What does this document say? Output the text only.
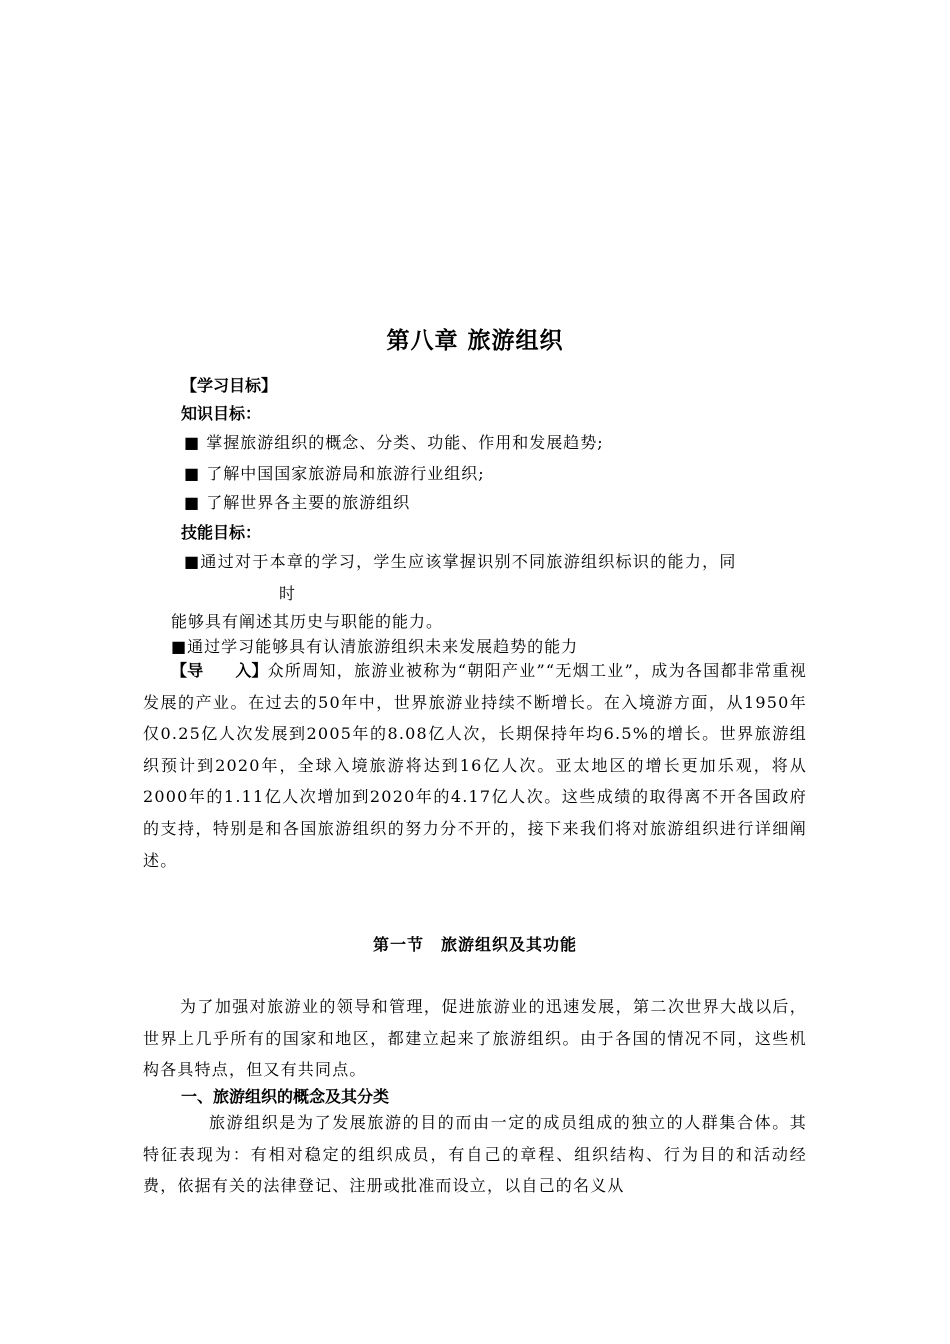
第八章 旅游组织
【学习目标】
知识目标：
■ 掌握旅游组织的概念、分类、功能、作用和发展趋势;
■ 了解中国国家旅游局和旅游行业组织;
■ 了解世界各主要的旅游组织
技能目标：
■通过对于本章的学习，学生应该掌握识别不同旅游组织标识的能力，同
时
能够具有阐述其历史与职能的能力。
■通过学习能够具有认清旅游组织未来发展趋势的能力
【导　　入】众所周知，旅游业被称为“朝阳产业”“无烟工业”，成为各国都非常重视发展的产业。在过去的50年中，世界旅游业持续不断增长。在入境游方面，从1950年仅0.25亿人次发展到2005年的8.08亿人次，长期保持年均6.5%的增长。世界旅游组织预计到2020年，全球入境旅游将达到16亿人次。亚太地区的增长更加乐观，将从2000年的1.11亿人次增加到2020年的4.17亿人次。这些成绩的取得离不开各国政府的支持，特别是和各国旅游组织的努力分不开的，接下来我们将对旅游组织进行详细阐述。
第一节　旅游组织及其功能
为了加强对旅游业的领导和管理，促进旅游业的迅速发展，第二次世界大战以后，世界上几乎所有的国家和地区，都建立起来了旅游组织。由于各国的情况不同，这些机构各具特点，但又有共同点。
一、旅游组织的概念及其分类
旅游组织是为了发展旅游的目的而由一定的成员组成的独立的人群集合体。其特征表现为：有相对稳定的组织成员，有自己的章程、组织结构、行为目的和活动经费，依据有关的法律登记、注册或批准而设立，以自己的名义从
